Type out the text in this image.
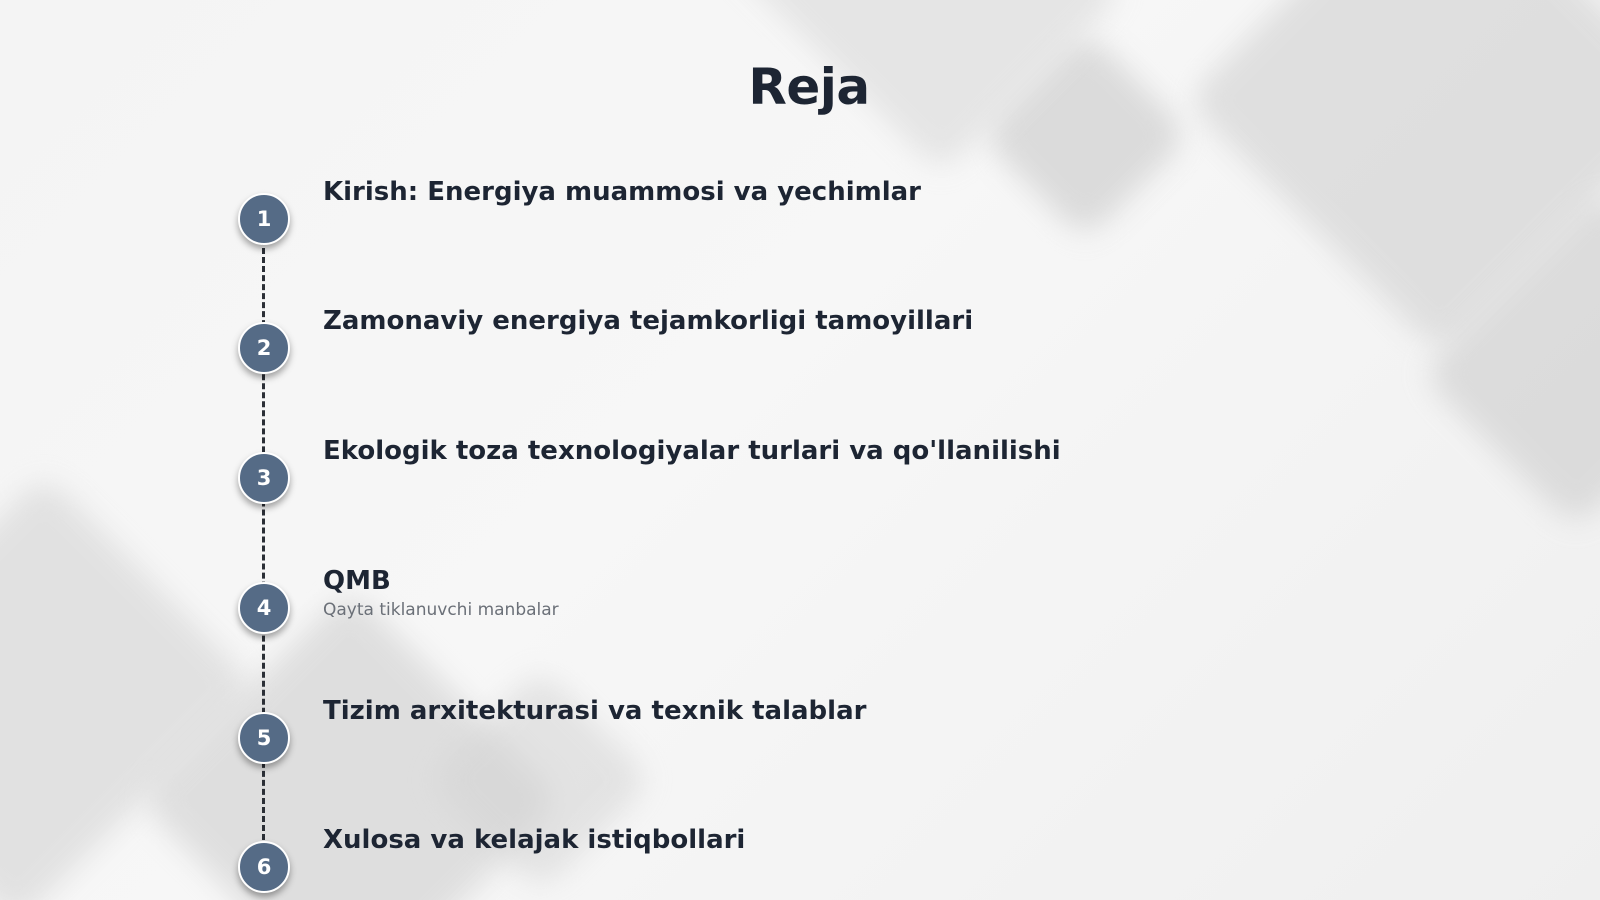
Reja
1
Kirish: Energiya muammosi va yechimlar
2
Zamonaviy energiya tejamkorligi tamoyillari
3
Ekologik toza texnologiyalar turlari va qo'llanilishi
4
QMB
Qayta tiklanuvchi manbalar
5
Tizim arxitekturasi va texnik talablar
6
Xulosa va kelajak istiqbollari
